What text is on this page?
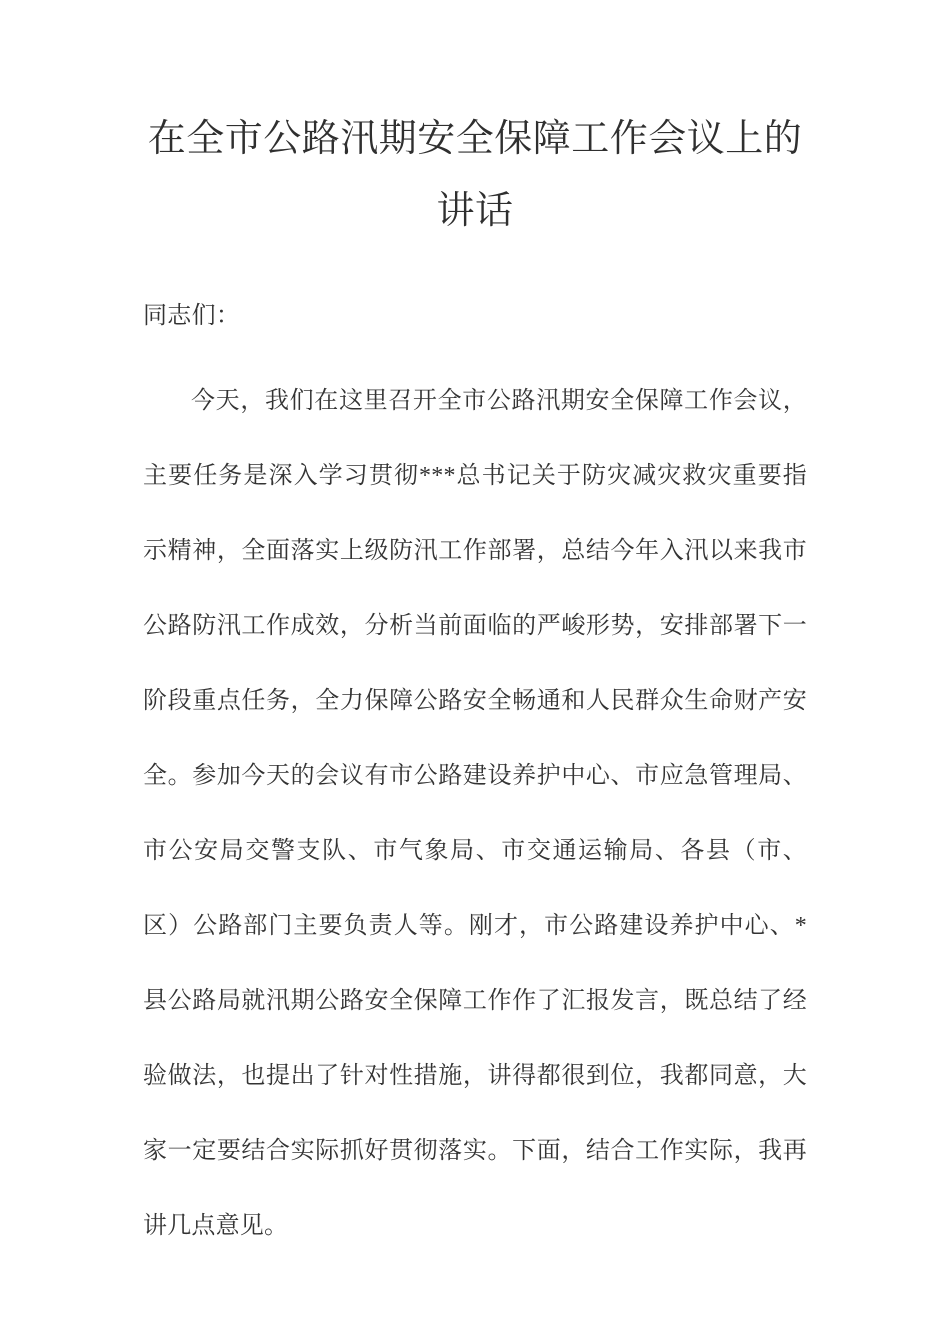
在全市公路汛期安全保障工作会议上的讲话

同志们：

今天，我们在这里召开全市公路汛期安全保障工作会议，主要任务是深入学习贯彻***总书记关于防灾减灾救灾重要指示精神，全面落实上级防汛工作部署，总结今年入汛以来我市公路防汛工作成效，分析当前面临的严峻形势，安排部署下一阶段重点任务，全力保障公路安全畅通和人民群众生命财产安全。参加今天的会议有市公路建设养护中心、市应急管理局、市公安局交警支队、市气象局、市交通运输局、各县（市、区）公路部门主要负责人等。刚才，市公路建设养护中心、*县公路局就汛期公路安全保障工作作了汇报发言，既总结了经验做法，也提出了针对性措施，讲得都很到位，我都同意，大家一定要结合实际抓好贯彻落实。下面，结合工作实际，我再讲几点意见。
